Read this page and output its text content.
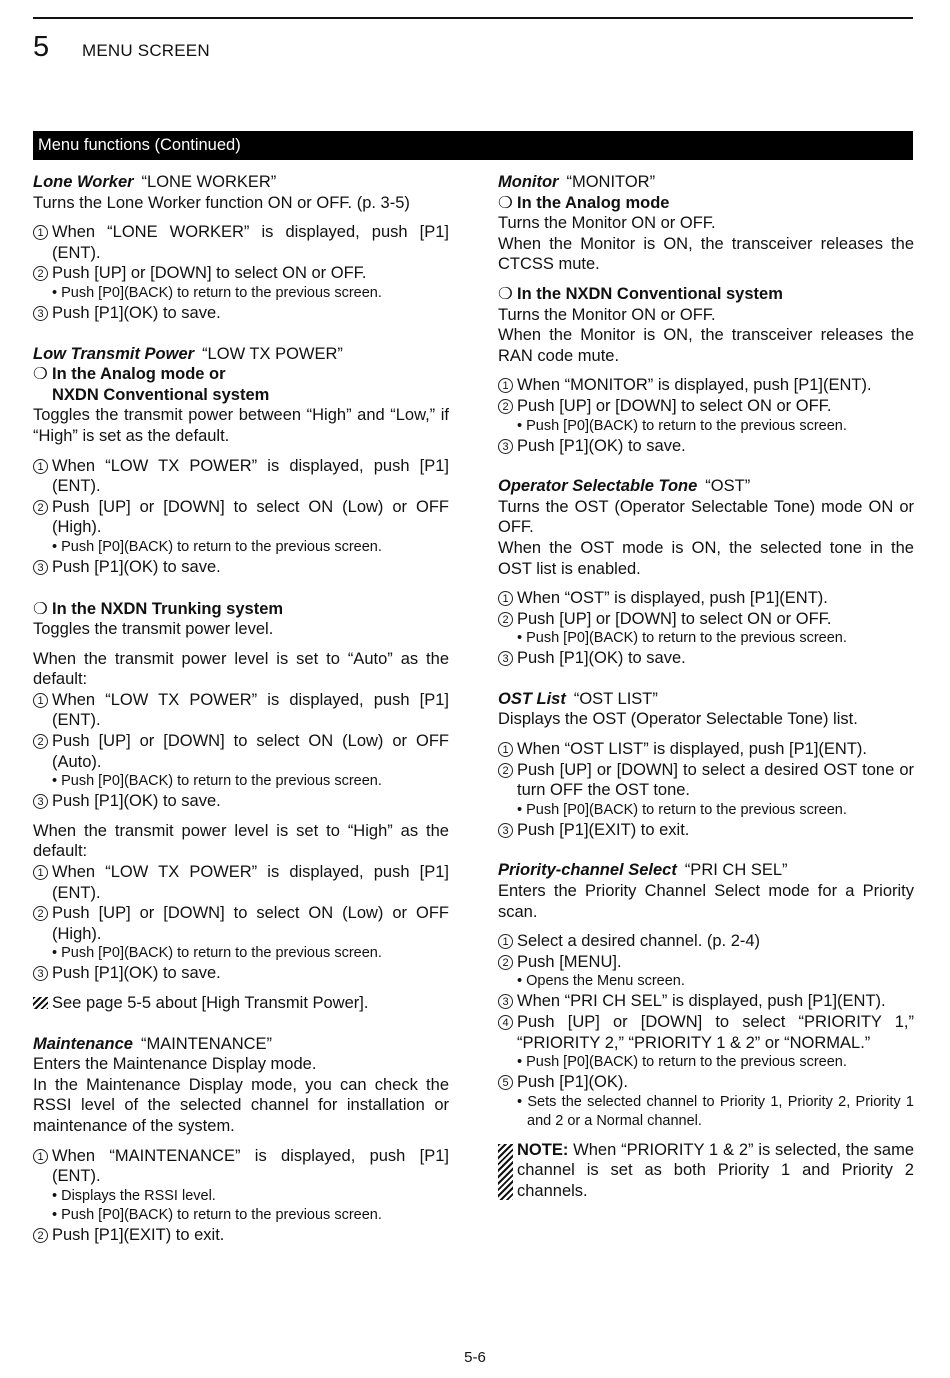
5 MENU SCREEN
Menu functions (Continued)
Lone Worker “LONE WORKER”

Turns the Lone Worker function ON or OFF. (p. 3-5)

1 When “LONE WORKER” is displayed, push [P1] (ENT).
2 Push [UP] or [DOWN] to select ON or OFF.
• Push [P0](BACK) to return to the previous screen.
3 Push [P1](OK) to save.
Low Transmit Power “LOW TX POWER”
❍ In the Analog mode or
NXDN Conventional system

Toggles the transmit power between “High” and “Low,” if “High” is set as the default.

1 When “LOW TX POWER” is displayed, push [P1] (ENT).
2 Push [UP] or [DOWN] to select ON (Low) or OFF (High).
• Push [P0](BACK) to return to the previous screen.
3 Push [P1](OK) to save.
❍ In the NXDN Trunking system

Toggles the transmit power level.

When the transmit power level is set to “Auto” as the default:

1 When “LOW TX POWER” is displayed, push [P1] (ENT).
2 Push [UP] or [DOWN] to select ON (Low) or OFF (Auto).
• Push [P0](BACK) to return to the previous screen.
3 Push [P1](OK) to save.

When the transmit power level is set to “High” as the default:

1 When “LOW TX POWER” is displayed, push [P1] (ENT).
2 Push [UP] or [DOWN] to select ON (Low) or OFF (High).
• Push [P0](BACK) to return to the previous screen.
3 Push [P1](OK) to save.
See page 5-5 about [High Transmit Power].
Maintenance “MAINTENANCE”

Enters the Maintenance Display mode.

In the Maintenance Display mode, you can check the RSSI level of the selected channel for installation or maintenance of the system.

1 When “MAINTENANCE” is displayed, push [P1](ENT).
• Displays the RSSI level.
• Push [P0](BACK) to return to the previous screen.
2 Push [P1](EXIT) to exit.
Monitor “MONITOR”
❍ In the Analog mode

Turns the Monitor ON or OFF.

When the Monitor is ON, the transceiver releases the CTCSS mute.

❍ In the NXDN Conventional system

Turns the Monitor ON or OFF.

When the Monitor is ON, the transceiver releases the RAN code mute.

1 When “MONITOR” is displayed, push [P1](ENT).
2 Push [UP] or [DOWN] to select ON or OFF.
• Push [P0](BACK) to return to the previous screen.
3 Push [P1](OK) to save.
Operator Selectable Tone “OST”

Turns the OST (Operator Selectable Tone) mode ON or OFF.

When the OST mode is ON, the selected tone in the OST list is enabled.

1 When “OST” is displayed, push [P1](ENT).
2 Push [UP] or [DOWN] to select ON or OFF.
• Push [P0](BACK) to return to the previous screen.
3 Push [P1](OK) to save.
OST List “OST LIST”

Displays the OST (Operator Selectable Tone) list.

1 When “OST LIST” is displayed, push [P1](ENT).
2 Push [UP] or [DOWN] to select a desired OST tone or turn OFF the OST tone.
• Push [P0](BACK) to return to the previous screen.
3 Push [P1](EXIT) to exit.
Priority-channel Select “PRI CH SEL”

Enters the Priority Channel Select mode for a Priority scan.

1 Select a desired channel. (p. 2-4)
2 Push [MENU].
• Opens the Menu screen.
3 When “PRI CH SEL” is displayed, push [P1](ENT).
4 Push [UP] or [DOWN] to select “PRIORITY 1,” “PRIORITY 2,” “PRIORITY 1 & 2” or “NORMAL.”
• Push [P0](BACK) to return to the previous screen.
5 Push [P1](OK).
• Sets the selected channel to Priority 1, Priority 2, Priority 1 and 2 or a Normal channel.
NOTE: When “PRIORITY 1 & 2” is selected, the same channel is set as both Priority 1 and Priority 2 channels.
5-6
